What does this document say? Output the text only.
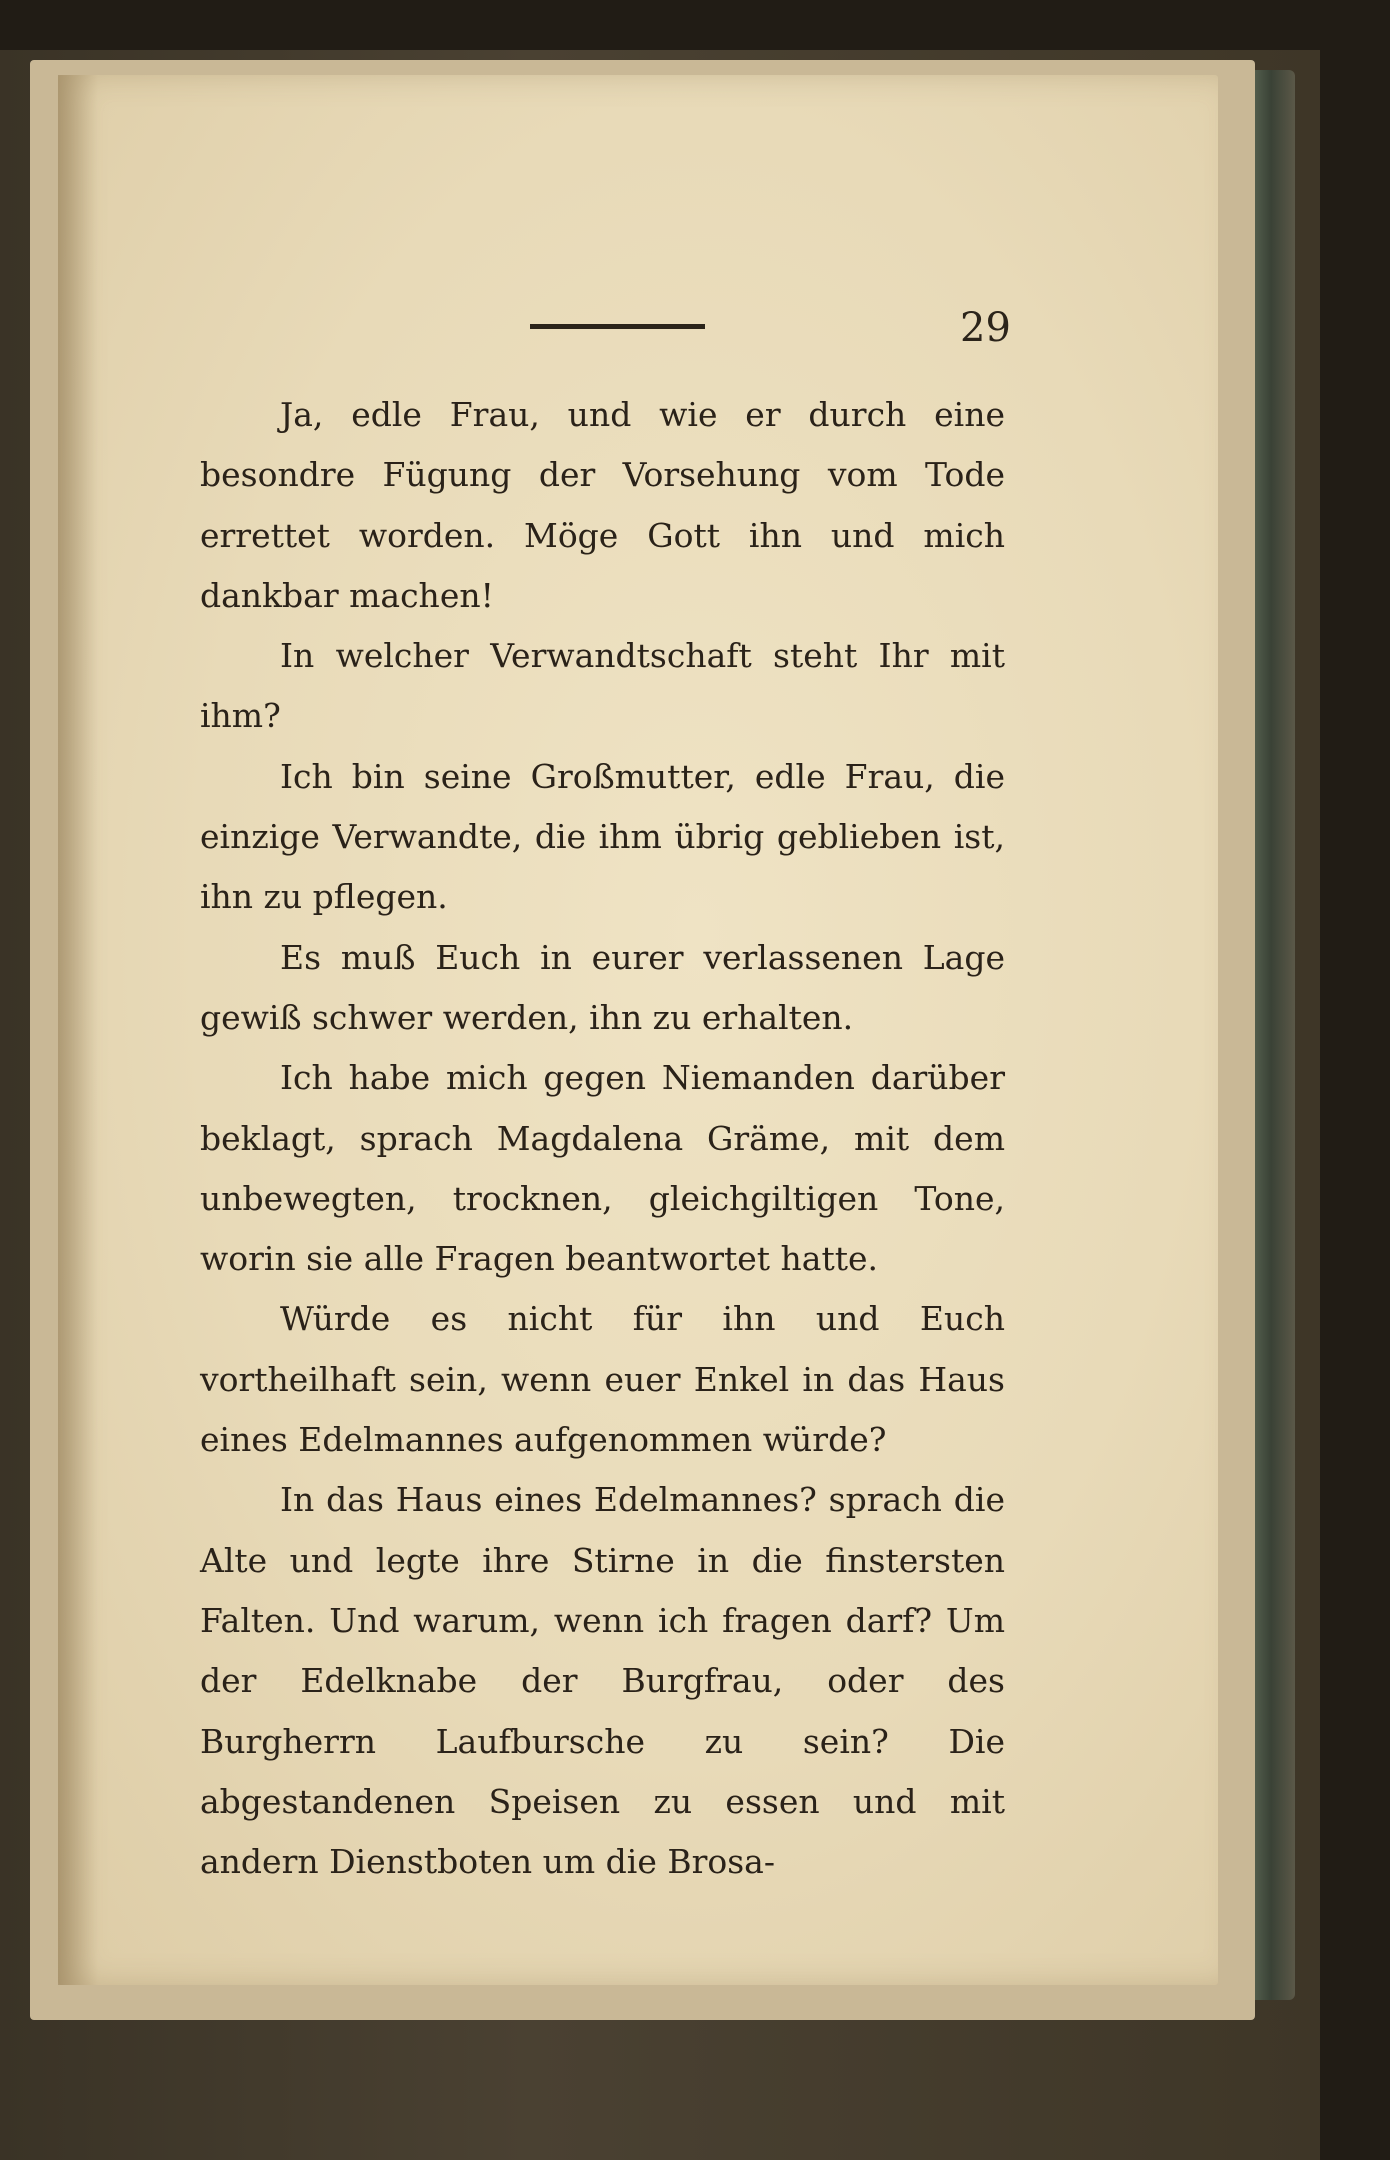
29

Ja, edle Frau, und wie er durch eine besondre Fügung der Vorsehung vom Tode errettet worden. Möge Gott ihn und mich dankbar machen!

In welcher Verwandtschaft steht Ihr mit ihm?

Ich bin seine Großmutter, edle Frau, die einzige Verwandte, die ihm übrig geblieben ist, ihn zu pflegen.

Es muß Euch in eurer verlassenen Lage gewiß schwer werden, ihn zu erhalten.

Ich habe mich gegen Niemanden darüber beklagt, sprach Magdalena Gräme, mit dem unbewegten, trocknen, gleichgiltigen Tone, worin sie alle Fragen beantwortet hatte.

Würde es nicht für ihn und Euch vortheilhaft sein, wenn euer Enkel in das Haus eines Edelmannes aufgenommen würde?

In das Haus eines Edelmannes? sprach die Alte und legte ihre Stirne in die finstersten Falten. Und warum, wenn ich fragen darf? Um der Edelknabe der Burgfrau, oder des Burgherrn Laufbursche zu sein? Die abgestandenen Speisen zu essen und mit andern Dienstboten um die Brosa-
